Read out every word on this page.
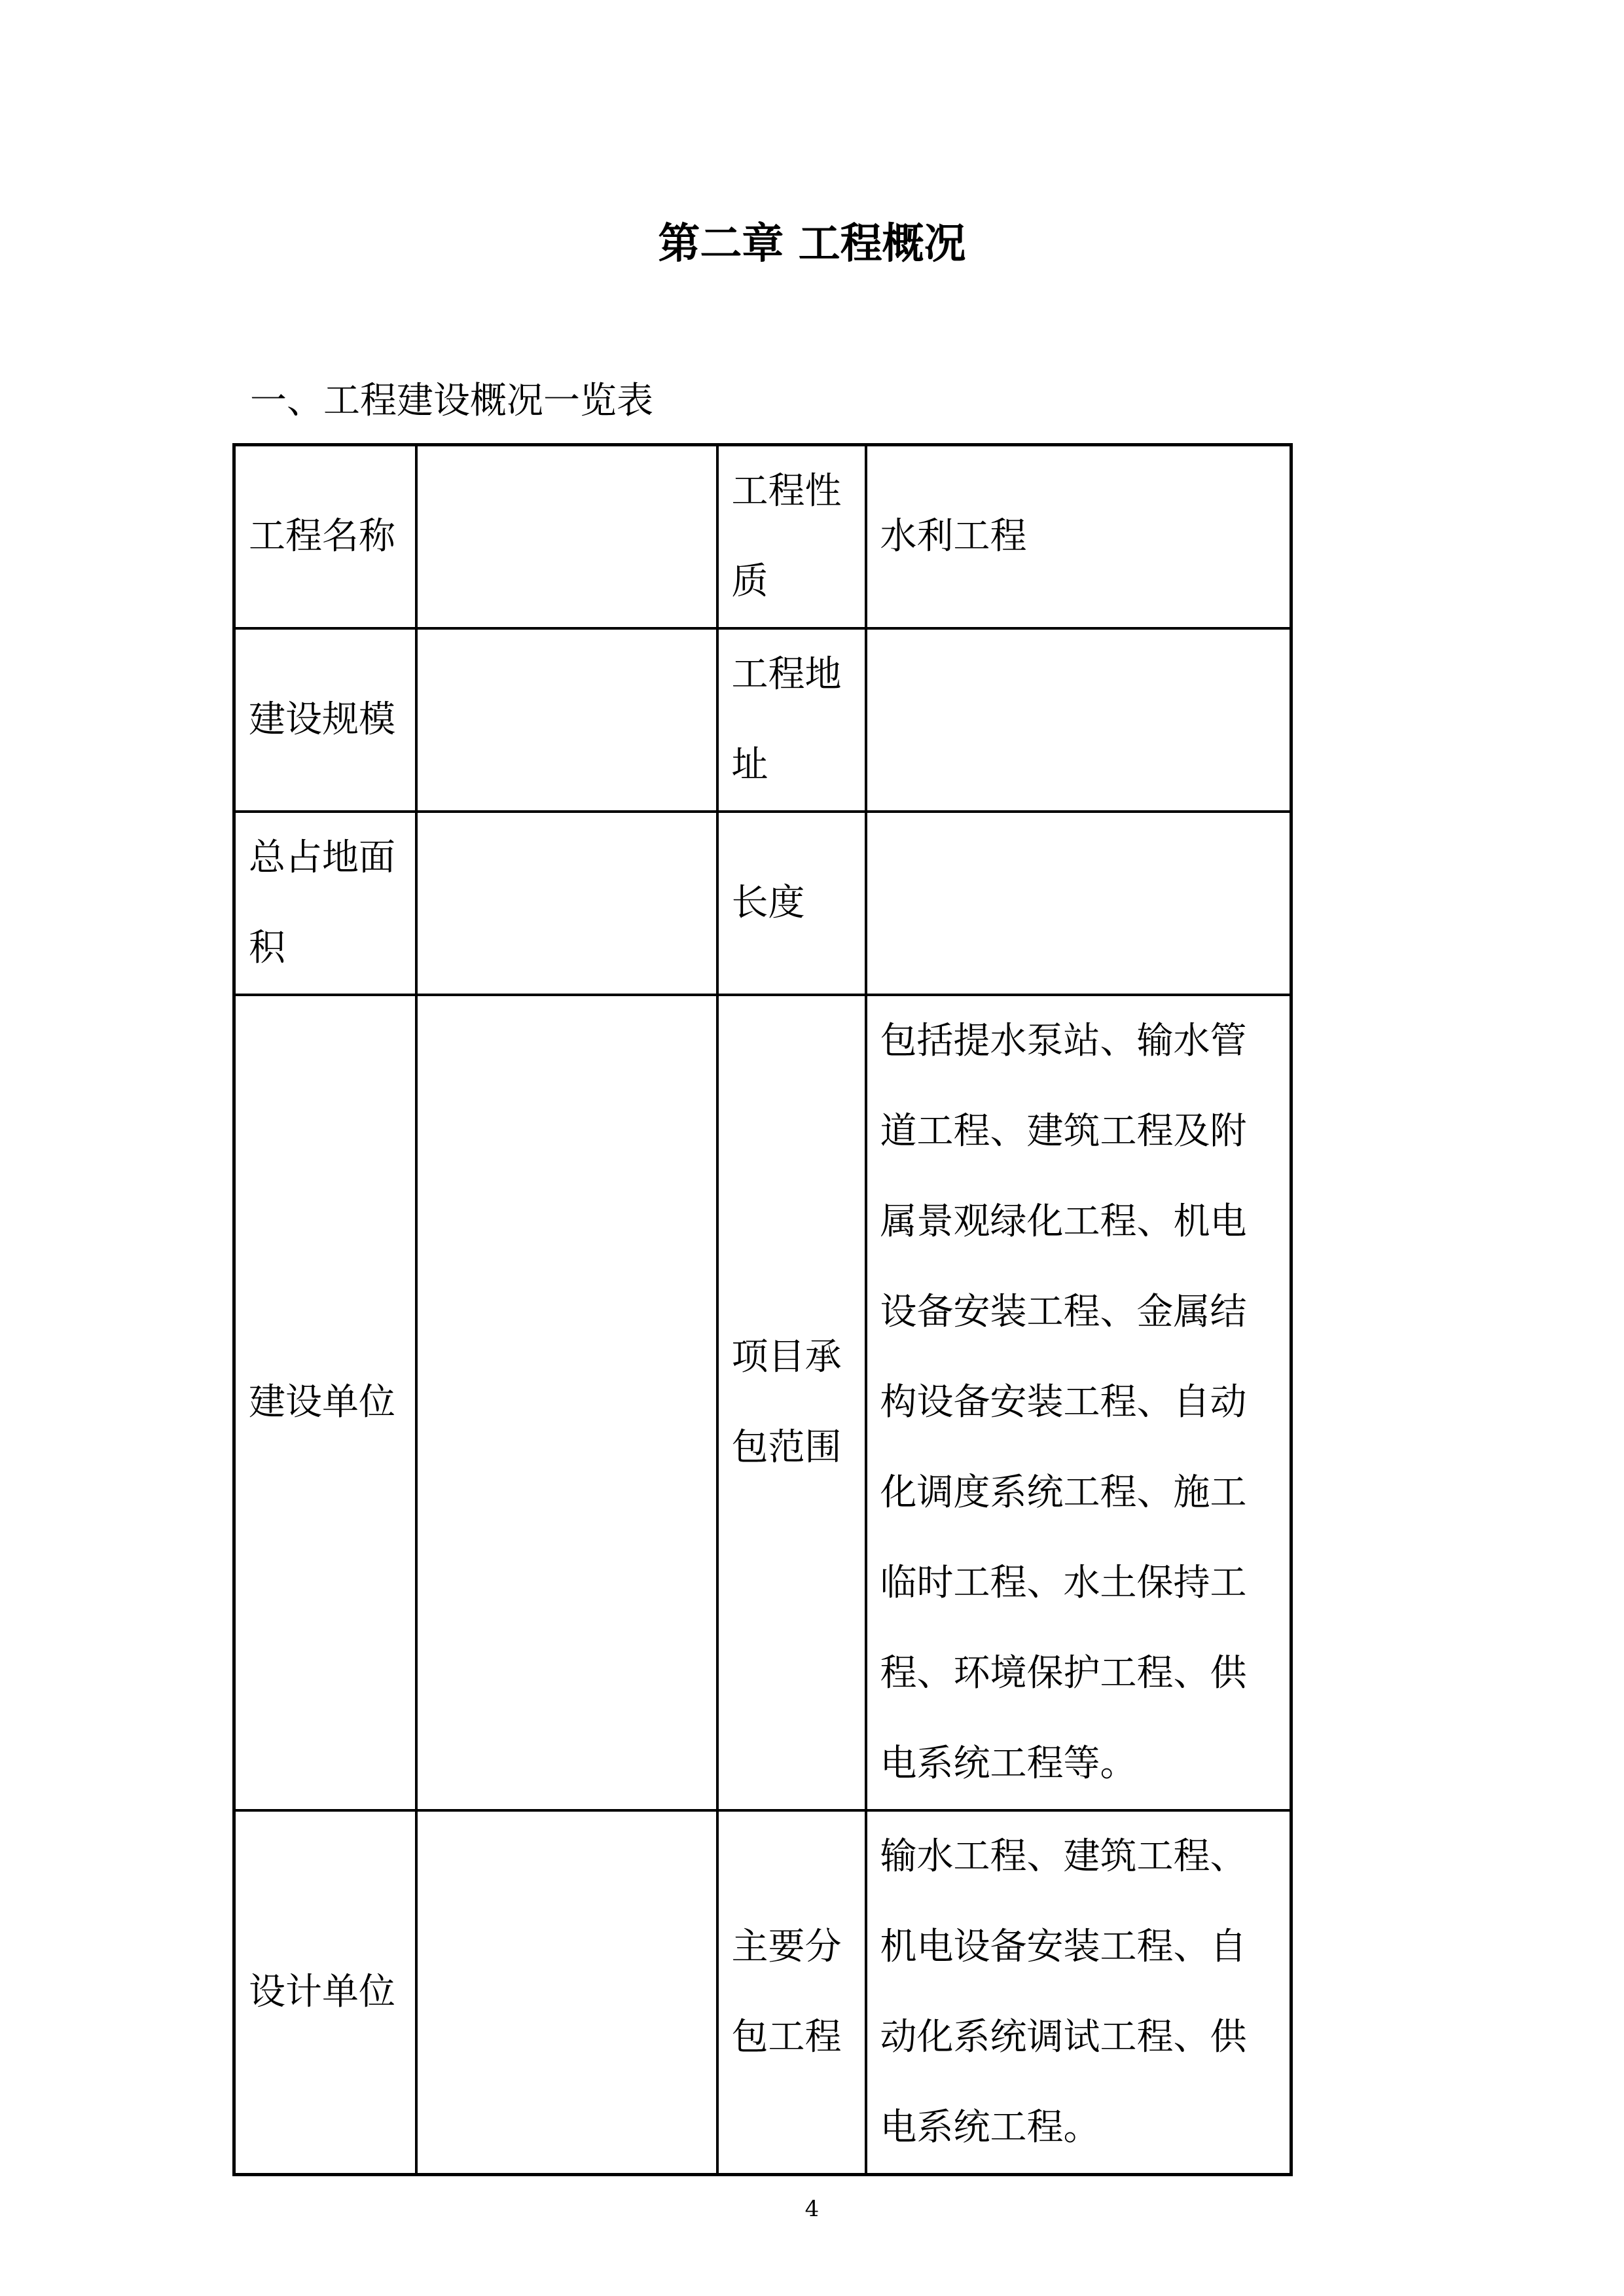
第二章 工程概况
一、工程建设概况一览表
工程名称		工程性质	水利工程
建设规模		工程地址	
总占地面积		长度	
建设单位		项目承包范围	包括提水泵站、输水管道工程、建筑工程及附属景观绿化工程、机电设备安装工程、金属结构设备安装工程、自动化调度系统工程、施工临时工程、水土保持工程、环境保护工程、供电系统工程等。
设计单位		主要分包工程	输水工程、建筑工程、机电设备安装工程、自动化系统调试工程、供电系统工程。
4
